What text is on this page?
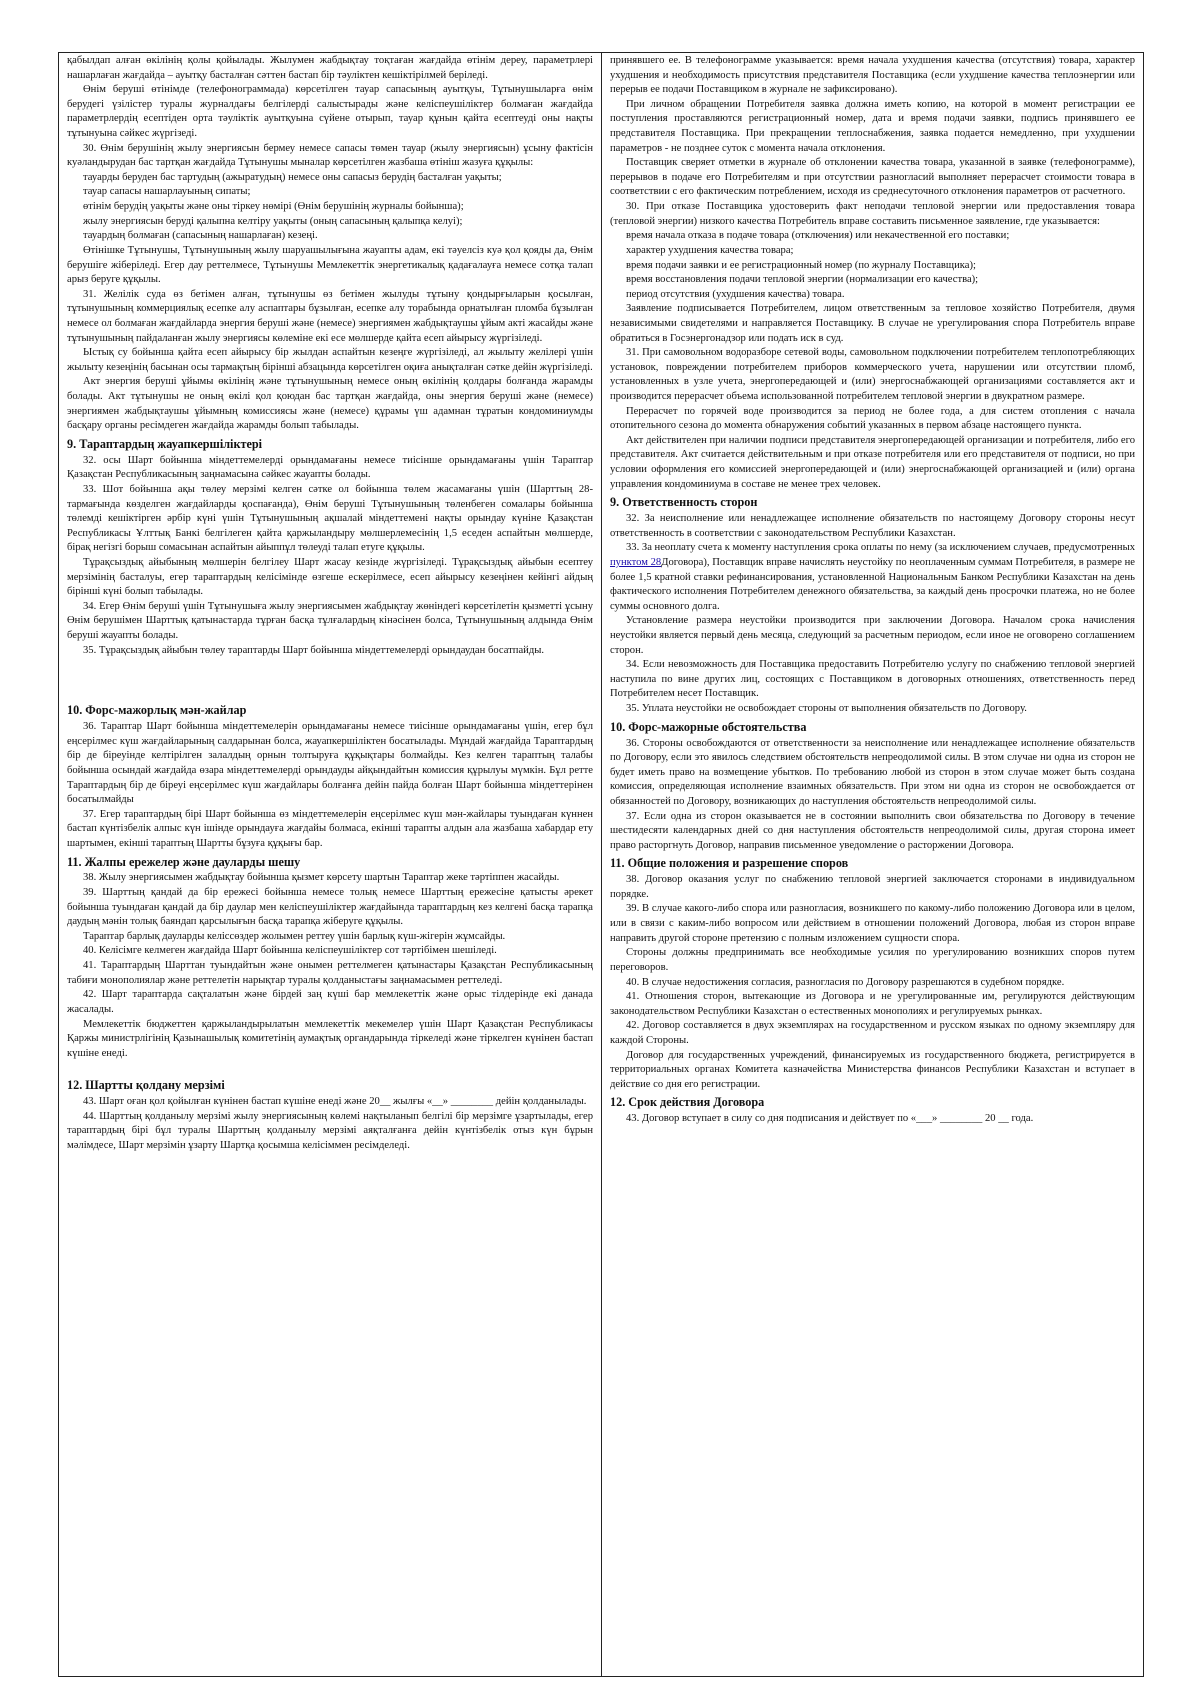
қабылдап алған өкілінің қолы қойылады. Жылумен жабдықтау тоқтаған жағдайда өтінім дереу, параметрлері нашарлаған жағдайда – ауытқу басталған сәттен бастап бір тәуліктен кешіктірілмей беріледі.

Өнім беруші өтінімде (телефонограммада) көрсетілген тауар сапасының ауытқуы, Тұтынушыларға өнім берудегі үзілістер туралы журналдағы белгілерді салыстырады және келіспеушіліктер болмаған жағдайда параметрлердің есептіден орта тәуліктік ауытқуына сүйене отырып, тауар құнын қайта есептеуді оны нақты тұтынуына сәйкес жүргізеді.

30. Өнім берушінің жылу энергиясын бермеу немесе сапасы төмен тауар (жылу энергиясын) ұсыну фактісін куәландырудан бас тартқан жағдайда Тұтынушы мыналар көрсетілген жазбаша өтініш жазуға құқылы:

тауарды беруден бас тартудың (ажыратудың) немесе оны сапасыз берудің басталған уақыты;

тауар сапасы нашарлауының сипаты;

өтінім берудің уақыты және оны тіркеу нөмірі (Өнім берушінің журналы бойынша);

жылу энергиясын беруді қалыпна келтіру уақыты (оның сапасының қалыпқа келуі);

тауардың болмаған (сапасының нашарлаған) кезеңі.

Өтінішке Тұтынушы, Тұтынушының жылу шаруашылығына жауапты адам, екі тәуелсіз куә қол қояды да, Өнім берушіге жіберіледі. Егер дау реттелмесе, Тұтынушы Мемлекеттік энергетикалық қадағалауға немесе сотқа талап арыз беруге құқылы.

31. Желілік суда өз бетімен алған, тұтынушы өз бетімен жылуды тұтыну қондырғыларын қосылған, тұтынушының коммерциялық есепке алу аспаптары бұзылған, есепке алу торабында орнатылған пломба бұзылған немесе ол болмаған жағдайларда энергия беруші және (немесе) энергиямен жабдықтаушы ұйым акті жасайды және тұтынушының пайдаланған жылу энергиясы көлеміне екі есе мөлшерде қайта есеп айырысу жүргізіледі.

Ыстық су бойынша қайта есеп айырысу бір жылдан аспайтын кезеңге жүргізіледі, ал жылыту желілері үшін жылыту кезеңінің басынан осы тармақтың бірінші абзацында көрсетілген оқиға анықталған сәтке дейін жүргізіледі.

Акт энергия беруші ұйымы өкілінің және тұтынушының немесе оның өкілінің қолдары болғанда жарамды болады. Акт тұтынушы не оның өкілі қол қоюдан бас тартқан жағдайда, оны энергия беруші және (немесе) энергиямен жабдықтаушы ұйымның комиссиясы және (немесе) құрамы үш адамнан тұратын кондоминиумды басқару органы ресімдеген жағдайда жарамды болып табылады.

9. Тараптардың жауапкершіліктері

32. осы Шарт бойынша міндеттемелерді орындамағаны немесе тиісінше орындамағаны үшін Тараптар Қазақстан Республикасының заңнамасына сәйкес жауапты болады.

33. Шот бойынша ақы төлеу мерзімі келген сәтке ол бойынша төлем жасамағаны үшін (Шарттың 28-тармағында көзделген жағдайларды қоспағанда), Өнім беруші Тұтынушының төленбеген сомалары бойынша төлемді кешіктірген әрбір күні үшін Тұтынушының ақшалай міндеттемені нақты орындау күніне Қазақстан Республикасы Ұлттық Банкі белгілеген қайта қаржыландыру мөлшерлемесінің 1,5 еседен аспайтын мөлшерде, бірақ негізгі борыш сомасынан аспайтын айыппұл төлеуді талап етуге құқылы.

Тұрақсыздық айыбының мөлшерін белгілеу Шарт жасау кезінде жүргізіледі. Тұрақсыздық айыбын есептеу мерзімінің басталуы, егер тараптардың келісімінде өзгеше ескерілмесе, есеп айырысу кезеңінен кейінгі айдың бірінші күні болып табылады.

34. Егер Өнім беруші үшін Тұтынушыға жылу энергиясымен жабдықтау жөніндегі көрсетілетін қызметті ұсыну Өнім берушімен Шарттық қатынастарда тұрған басқа тұлғалардың кінәсінен болса, Тұтынушының алдында Өнім беруші жауапты болады.

35. Тұрақсыздық айыбын төлеу тараптарды Шарт бойынша міндеттемелерді орындаудан босатпайды.

10. Форс-мажорлық мән-жайлар

36. Тараптар Шарт бойынша міндеттемелерін орындамағаны немесе тиісінше орындамағаны үшін, егер бұл еңсерілмес күш жағдайларының салдарынан болса, жауапкершіліктен босатылады. Мұндай жағдайда Тараптардың бір де біреуінде келтірілген залалдың орнын толтыруға құқықтары болмайды. Кез келген тараптың талабы бойынша осындай жағдайда өзара міндеттемелерді орындауды айқындайтын комиссия құрылуы мүмкін. Бұл ретте Тараптардың бір де біреуі еңсерілмес күш жағдайлары болғанға дейін пайда болған Шарт бойынша міндеттерінен босатылмайды

37. Егер тараптардың бірі Шарт бойынша өз міндеттемелерін еңсерілмес күш мән-жайлары туындаған күннен бастап күнтізбелік алпыс күн ішінде орындауға жағдайы болмаса, екінші тарапты алдын ала жазбаша хабардар ету шартымен, екінші тараптың Шартты бұзуға құқығы бар.

11. Жалпы ережелер және дауларды шешу

38. Жылу энергиясымен жабдықтау бойынша қызмет көрсету шартын Тараптар жеке тәртіппен жасайды.

39. Шарттың қандай да бір ережесі бойынша немесе толық немесе Шарттың ережесіне қатысты әрекет бойынша туындаған қандай да бір даулар мен келіспеушіліктер жағдайында тараптардың кез келгені басқа тарапқа даудың мәнін толық баяндап қарсылығын басқа тарапқа жіберуге құқылы.

Тараптар барлық дауларды келіссөздер жолымен реттеу үшін барлық күш-жігерін жұмсайды.

40. Келісімге келмеген жағдайда Шарт бойынша келіспеушіліктер сот тәртібімен шешіледі.

41. Тараптардың Шарттан туындайтын және онымен реттелмеген қатынастары Қазақстан Республикасының табиғи монополиялар және реттелетін нарықтар туралы қолданыстағы заңнамасымен реттеледі.

42. Шарт тараптарда сақталатын және бірдей заң күші бар мемлекеттік және орыс тілдерінде екі данада жасалады.

Мемлекеттік бюджеттен қаржыландырылатын мемлекеттік мекемелер үшін Шарт Қазақстан Республикасы Қаржы министрлігінің Қазынашылық комитетінің аумақтық органдарында тіркеледі және тіркелген күнінен бастап күшіне енеді.

12. Шартты қолдану мерзімі

43. Шарт оған қол қойылған күнінен бастап күшіне енеді және 20__ жылғы «__» ________ дейін қолданылады.

44. Шарттың қолданылу мерзімі жылу энергиясының көлемі нақтыланып белгілі бір мерзімге ұзартылады, егер тараптардың бірі бұл туралы Шарттың қолданылу мерзімі аяқталғанға дейін күнтізбелік отыз күн бұрын мәлімдесе, Шарт мерзімін ұзарту Шартқа қосымша келісіммен ресімделеді.

принявшего ее. В телефонограмме указывается: время начала ухудшения качества (отсутствия) товара, характер ухудшения и необходимость присутствия представителя Поставщика (если ухудшение качества теплоэнергии или перерыв ее подачи Поставщиком в журнале не зафиксировано).

При личном обращении Потребителя заявка должна иметь копию, на которой в момент регистрации ее поступления проставляются регистрационный номер, дата и время подачи заявки, подпись принявшего ее представителя Поставщика. При прекращении теплоснабжения, заявка подается немедленно, при ухудшении параметров - не позднее суток с момента начала отклонения.

Поставщик сверяет отметки в журнале об отклонении качества товара, указанной в заявке (телефонограмме), перерывов в подаче его Потребителям и при отсутствии разногласий выполняет перерасчет стоимости товара в соответствии с его фактическим потреблением, исходя из среднесуточного отклонения параметров от расчетного.

30. При отказе Поставщика удостоверить факт неподачи тепловой энергии или предоставления товара (тепловой энергии) низкого качества Потребитель вправе составить письменное заявление, где указывается:

время начала отказа в подаче товара (отключения) или некачественной его поставки;

характер ухудшения качества товара;

время подачи заявки и ее регистрационный номер (по журналу Поставщика);

время восстановления подачи тепловой энергии (нормализации его качества);

период отсутствия (ухудшения качества) товара.

Заявление подписывается Потребителем, лицом ответственным за тепловое хозяйство Потребителя, двумя независимыми свидетелями и направляется Поставщику. В случае не урегулирования спора Потребитель вправе обратиться в Госэнергонадзор или подать иск в суд.

31. При самовольном водоразборе сетевой воды, самовольном подключении потребителем теплопотребляющих установок, повреждении потребителем приборов коммерческого учета, нарушении или отсутствии пломб, установленных в узле учета, энергопередающей и (или) энергоснабжающей организациями составляется акт и производится перерасчет объема использованной потребителем тепловой энергии в двукратном размере.

Перерасчет по горячей воде производится за период не более года, а для систем отопления с начала отопительного сезона до момента обнаружения событий указанных в первом абзаце настоящего пункта.

Акт действителен при наличии подписи представителя энергопередающей организации и потребителя, либо его представителя. Акт считается действительным и при отказе потребителя или его представителя от подписи, но при условии оформления его комиссией энергопередающей и (или) энергоснабжающей организацией и (или) органа управления кондоминиума в составе не менее трех человек.

9. Ответственность сторон

32. За неисполнение или ненадлежащее исполнение обязательств по настоящему Договору стороны несут ответственность в соответствии с законодательством Республики Казахстан.

33. За неоплату счета к моменту наступления срока оплаты по нему (за исключением случаев, предусмотренных пунктом 28Договора), Поставщик вправе начислять неустойку по неоплаченным суммам Потребителя, в размере не более 1,5 кратной ставки рефинансирования, установленной Национальным Банком Республики Казахстан на день фактического исполнения Потребителем денежного обязательства, за каждый день просрочки платежа, но не более суммы основного долга.

Установление размера неустойки производится при заключении Договора. Началом срока начисления неустойки является первый день месяца, следующий за расчетным периодом, если иное не оговорено соглашением сторон.

34. Если невозможность для Поставщика предоставить Потребителю услугу по снабжению тепловой энергией наступила по вине других лиц, состоящих с Поставщиком в договорных отношениях, ответственность перед Потребителем несет Поставщик.

35. Уплата неустойки не освобождает стороны от выполнения обязательств по Договору.

10. Форс-мажорные обстоятельства

36. Стороны освобождаются от ответственности за неисполнение или ненадлежащее исполнение обязательств по Договору, если это явилось следствием обстоятельств непреодолимой силы. В этом случае ни одна из сторон не будет иметь право на возмещение убытков. По требованию любой из сторон в этом случае может быть создана комиссия, определяющая исполнение взаимных обязательств. При этом ни одна из сторон не освобождается от обязанностей по Договору, возникающих до наступления обстоятельств непреодолимой силы.

37. Если одна из сторон оказывается не в состоянии выполнить свои обязательства по Договору в течение шестидесяти календарных дней со дня наступления обстоятельств непреодолимой силы, другая сторона имеет право расторгнуть Договор, направив письменное уведомление о расторжении Договора.

11. Общие положения и разрешение споров

38. Договор оказания услуг по снабжению тепловой энергией заключается сторонами в индивидуальном порядке.

39. В случае какого-либо спора или разногласия, возникшего по какому-либо положению Договора или в целом, или в связи с каким-либо вопросом или действием в отношении положений Договора, любая из сторон вправе направить другой стороне претензию с полным изложением сущности спора.

Стороны должны предпринимать все необходимые усилия по урегулированию возникших споров путем переговоров.

40. В случае недостижения согласия, разногласия по Договору разрешаются в судебном порядке.

41. Отношения сторон, вытекающие из Договора и не урегулированные им, регулируются действующим законодательством Республики Казахстан о естественных монополиях и регулируемых рынках.

42. Договор составляется в двух экземплярах на государственном и русском языках по одному экземпляру для каждой Стороны.

Договор для государственных учреждений, финансируемых из государственного бюджета, регистрируется в территориальных органах Комитета казначейства Министерства финансов Республики Казахстан и вступает в действие со дня его регистрации.

12. Срок действия Договора

43. Договор вступает в силу со дня подписания и действует по «___» ________ 20 __ года.
